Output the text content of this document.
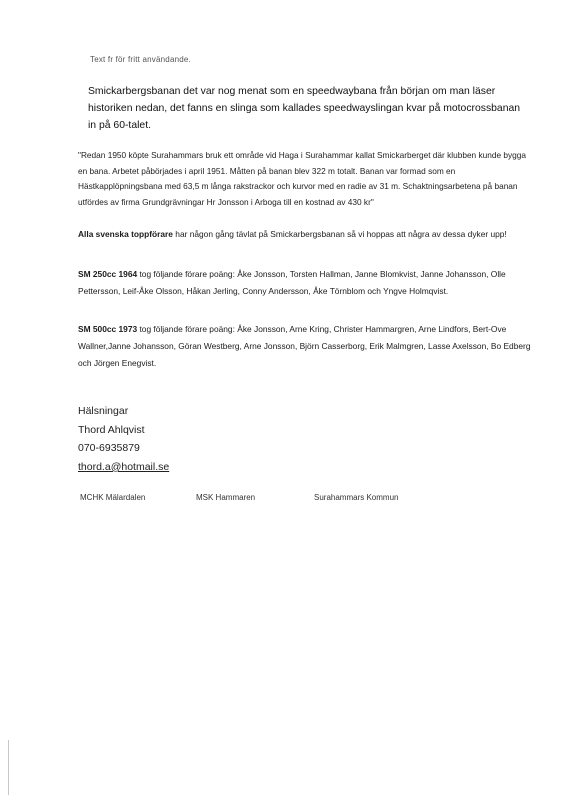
Text fr för fritt användande.
Smickarbergsbanan det var nog menat som en speedwaybana från början om man läser historiken nedan, det fanns en slinga som kallades speedwayslingan kvar på motocrossbanan in på 60-talet.
"Redan 1950 köpte Surahammars bruk ett område vid Haga i Surahammar kallat Smickarberget där klubben kunde bygga en bana. Arbetet påbörjades i april 1951. Måtten på banan blev 322 m totalt. Banan var formad som en Hästkapplöpningsbana med 63,5 m långa rakstrackor och kurvor med en radie av 31 m. Schaktningsarbetena på banan utfördes av firma Grundgrävningar Hr Jonsson i Arboga till en kostnad av 430 kr"
Alla svenska toppförare har någon gång tävlat på Smickarbergsbanan så vi hoppas att några av dessa dyker upp!
SM 250cc 1964 tog följande förare poäng: Åke Jonsson, Torsten Hallman, Janne Blomkvist, Janne Johansson, Olle Pettersson, Leif-Åke Olsson, Håkan Jerling, Conny Andersson, Åke Törnblom och Yngve Holmqvist.
SM 500cc 1973 tog följande förare poäng: Åke Jonsson, Arne Kring, Christer Hammargren, Arne Lindfors, Bert-Ove Wallner,Janne Johansson, Göran Westberg, Arne Jonsson, Björn Casserborg, Erik Malmgren, Lasse Axelsson, Bo Edberg och Jörgen Enegvist.
Hälsningar
Thord Ahlqvist
070-6935879
thord.a@hotmail.se
MCHK Mälardalen	MSK Hammaren	Surahammars Kommun
